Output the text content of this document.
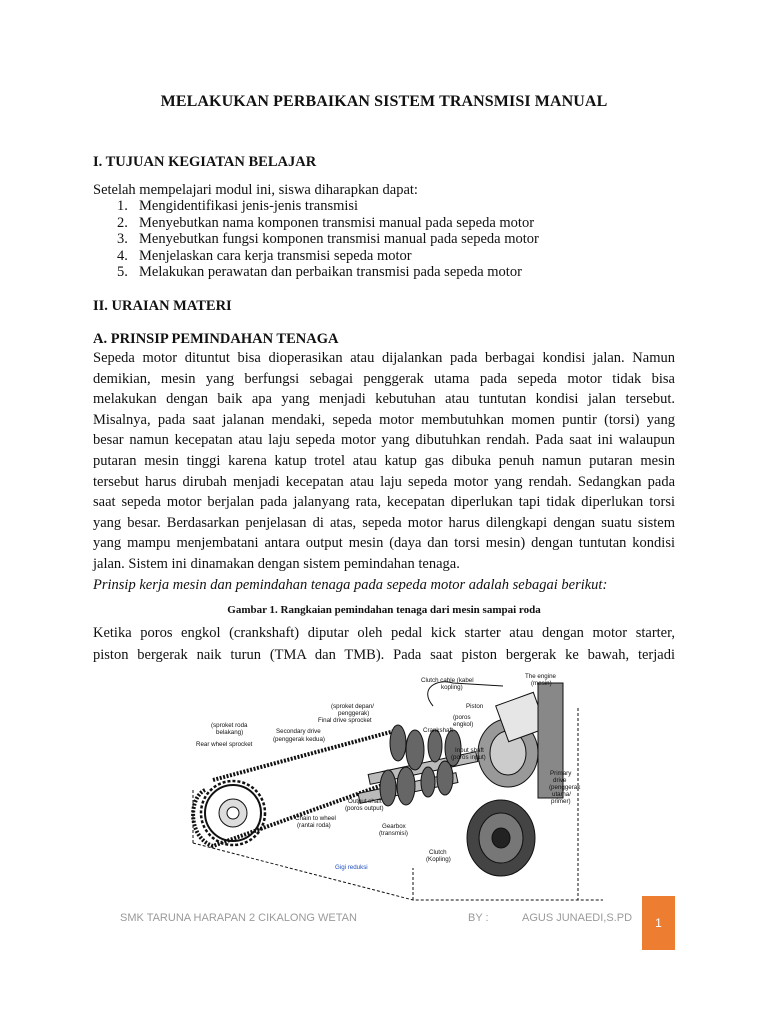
MELAKUKAN PERBAIKAN SISTEM TRANSMISI MANUAL
I. TUJUAN KEGIATAN BELAJAR
Setelah mempelajari modul ini, siswa diharapkan dapat:
1. Mengidentifikasi jenis-jenis transmisi
2. Menyebutkan nama komponen transmisi manual pada sepeda motor
3. Menyebutkan fungsi komponen transmisi manual pada sepeda motor
4. Menjelaskan cara kerja transmisi sepeda motor
5. Melakukan perawatan dan perbaikan transmisi pada sepeda motor
II. URAIAN MATERI
A. PRINSIP PEMINDAHAN TENAGA
Sepeda motor dituntut bisa dioperasikan atau dijalankan pada berbagai kondisi jalan. Namun
demikian, mesin yang berfungsi sebagai penggerak utama pada sepeda motor tidak bisa
melakukan dengan baik apa yang menjadi kebutuhan atau tuntutan kondisi jalan tersebut.
Misalnya, pada saat jalanan mendaki, sepeda motor membutuhkan momen puntir (torsi) yang
besar namun kecepatan atau laju sepeda motor yang dibutuhkan rendah. Pada saat ini walaupun
putaran mesin tinggi karena katup trotel atau katup gas dibuka penuh namun putaran mesin
tersebut harus dirubah menjadi kecepatan atau laju sepeda motor yang rendah. Sedangkan pada
saat sepeda motor berjalan pada jalanyang rata, kecepatan diperlukan tapi tidak diperlukan torsi
yang besar. Berdasarkan penjelasan di atas, sepeda motor harus dilengkapi dengan suatu sistem
yang mampu menjembatani antara output mesin (daya dan torsi mesin) dengan tuntutan kondisi
jalan. Sistem ini dinamakan dengan sistem pemindahan tenaga.
Prinsip kerja mesin dan pemindahan tenaga pada sepeda motor adalah sebagai berikut:
Gambar 1. Rangkaian pemindahan tenaga dari mesin sampai roda
Ketika poros engkol (crankshaft) diputar oleh pedal kick starter atau dengan motor starter,
piston bergerak naik turun (TMA dan TMB). Pada saat piston bergerak ke bawah, terjadi
Clutch cable (kabel
kopling)
The engine
(mesin)
(sproket depan/
penggerak)
Final drive sprocket
Piston
(poros
engkol)
(sproket roda
belakang)
Rear wheel sprocket
Secondary drive
(penggerak kedua)
Crankshaft
Input shaft
(poros input)
Primary
drive
(penggerak
utama/
primer)
Output shaft
(poros output)
Chain to wheel
(rantai roda)	Gearbox
(transmisi)
Clutch
(Kopling)
Gigi reduksi
SMK TARUNA HARAPAN 2 CIKALONG WETAN	BY :	AGUS JUNAEDI,S.PD	1
